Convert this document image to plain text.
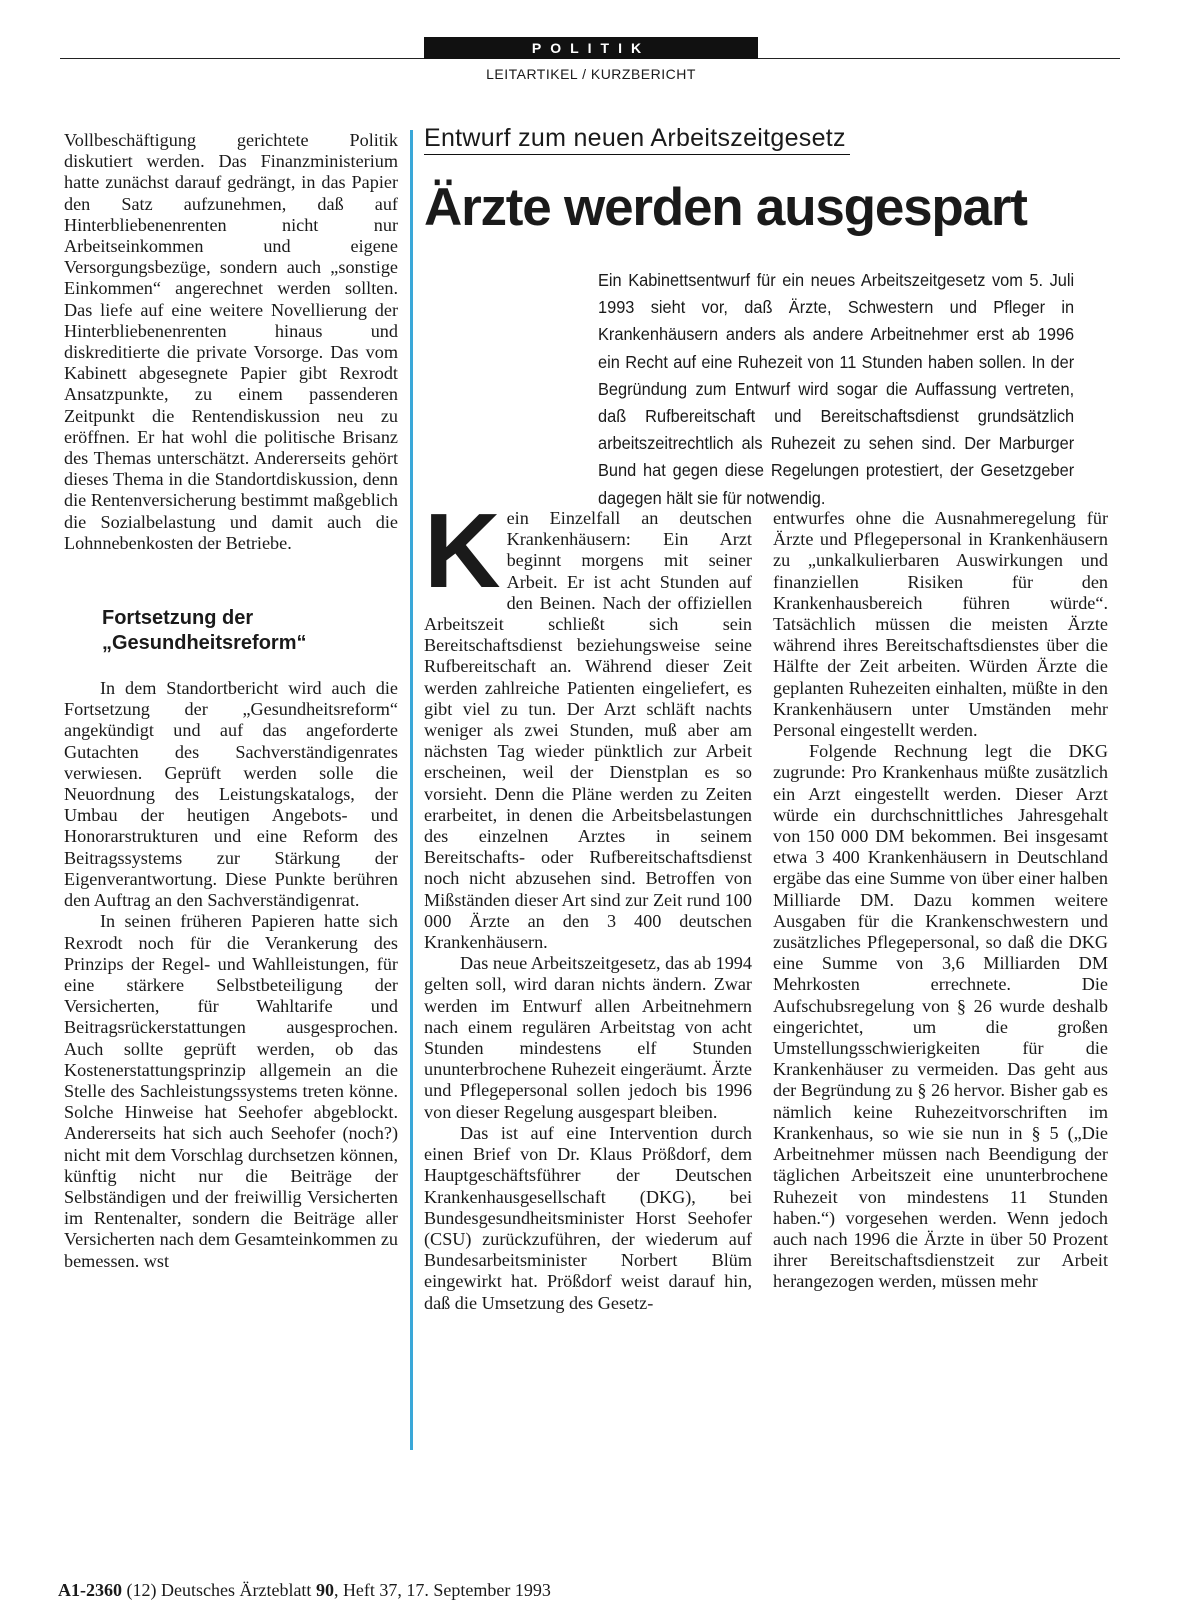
POLITIK
LEITARTIKEL / KURZBERICHT

Vollbeschäftigung gerichtete Politik diskutiert werden. Das Finanzministerium hatte zunächst darauf gedrängt, in das Papier den Satz aufzunehmen, daß auf Hinterbliebenenrenten nicht nur Arbeitseinkommen und eigene Versorgungsbezüge, sondern auch „sonstige Einkommen“ angerechnet werden sollten. Das liefe auf eine weitere Novellierung der Hinterbliebenenrenten hinaus und diskreditierte die private Vorsorge. Das vom Kabinett abgesegnete Papier gibt Rexrodt Ansatzpunkte, zu einem passenderen Zeitpunkt die Rentendiskussion neu zu eröffnen. Er hat wohl die politische Brisanz des Themas unterschätzt. Andererseits gehört dieses Thema in die Standortdiskussion, denn die Rentenversicherung bestimmt maßgeblich die Sozialbelastung und damit auch die Lohnnebenkosten der Betriebe.

Fortsetzung der
„Gesundheitsreform“

In dem Standortbericht wird auch die Fortsetzung der „Gesundheitsreform“ angekündigt und auf das angeforderte Gutachten des Sachverständigenrates verwiesen. Geprüft werden solle die Neuordnung des Leistungskatalogs, der Umbau der heutigen Angebots- und Honorarstrukturen und eine Reform des Beitragssystems zur Stärkung der Eigenverantwortung. Diese Punkte berühren den Auftrag an den Sachverständigenrat.

In seinen früheren Papieren hatte sich Rexrodt noch für die Verankerung des Prinzips der Regel- und Wahlleistungen, für eine stärkere Selbstbeteiligung der Versicherten, für Wahltarife und Beitragsrückerstattungen ausgesprochen. Auch sollte geprüft werden, ob das Kostenerstattungsprinzip allgemein an die Stelle des Sachleistungssystems treten könne. Solche Hinweise hat Seehofer abgeblockt. Andererseits hat sich auch Seehofer (noch?) nicht mit dem Vorschlag durchsetzen können, künftig nicht nur die Beiträge der Selbständigen und der freiwillig Versicherten im Rentenalter, sondern die Beiträge aller Versicherten nach dem Gesamteinkommen zu bemessen. wst

Entwurf zum neuen Arbeitszeitgesetz
Ärzte werden ausgespart

Ein Kabinettsentwurf für ein neues Arbeitszeitgesetz vom 5. Juli 1993 sieht vor, daß Ärzte, Schwestern und Pfleger in Krankenhäusern anders als andere Arbeitnehmer erst ab 1996 ein Recht auf eine Ruhezeit von 11 Stunden haben sollen. In der Begründung zum Entwurf wird sogar die Auffassung vertreten, daß Rufbereitschaft und Bereitschaftsdienst grundsätzlich arbeitszeitrechtlich als Ruhezeit zu sehen sind. Der Marburger Bund hat gegen diese Regelungen protestiert, der Gesetzgeber dagegen hält sie für notwendig.

Kein Einzelfall an deutschen Krankenhäusern: Ein Arzt beginnt morgens mit seiner Arbeit. Er ist acht Stunden auf den Beinen. Nach der offiziellen Arbeitszeit schließt sich sein Bereitschaftsdienst beziehungsweise seine Rufbereitschaft an. Während dieser Zeit werden zahlreiche Patienten eingeliefert, es gibt viel zu tun. Der Arzt schläft nachts weniger als zwei Stunden, muß aber am nächsten Tag wieder pünktlich zur Arbeit erscheinen, weil der Dienstplan es so vorsieht. Denn die Pläne werden zu Zeiten erarbeitet, in denen die Arbeitsbelastungen des einzelnen Arztes in seinem Bereitschafts- oder Rufbereitschaftsdienst noch nicht abzusehen sind. Betroffen von Mißständen dieser Art sind zur Zeit rund 100 000 Ärzte an den 3 400 deutschen Krankenhäusern.

Das neue Arbeitszeitgesetz, das ab 1994 gelten soll, wird daran nichts ändern. Zwar werden im Entwurf allen Arbeitnehmern nach einem regulären Arbeitstag von acht Stunden mindestens elf Stunden ununterbrochene Ruhezeit eingeräumt. Ärzte und Pflegepersonal sollen jedoch bis 1996 von dieser Regelung ausgespart bleiben.

Das ist auf eine Intervention durch einen Brief von Dr. Klaus Prößdorf, dem Hauptgeschäftsführer der Deutschen Krankenhausgesellschaft (DKG), bei Bundesgesundheitsminister Horst Seehofer (CSU) zurückzuführen, der wiederum auf Bundesarbeitsminister Norbert Blüm eingewirkt hat. Prößdorf weist darauf hin, daß die Umsetzung des Gesetz-

entwurfes ohne die Ausnahmeregelung für Ärzte und Pflegepersonal in Krankenhäusern zu „unkalkulierbaren Auswirkungen und finanziellen Risiken für den Krankenhausbereich führen würde“. Tatsächlich müssen die meisten Ärzte während ihres Bereitschaftsdienstes über die Hälfte der Zeit arbeiten. Würden Ärzte die geplanten Ruhezeiten einhalten, müßte in den Krankenhäusern unter Umständen mehr Personal eingestellt werden.

Folgende Rechnung legt die DKG zugrunde: Pro Krankenhaus müßte zusätzlich ein Arzt eingestellt werden. Dieser Arzt würde ein durchschnittliches Jahresgehalt von 150 000 DM bekommen. Bei insgesamt etwa 3 400 Krankenhäusern in Deutschland ergäbe das eine Summe von über einer halben Milliarde DM. Dazu kommen weitere Ausgaben für die Krankenschwestern und zusätzliches Pflegepersonal, so daß die DKG eine Summe von 3,6 Milliarden DM Mehrkosten errechnete. Die Aufschubsregelung von § 26 wurde deshalb eingerichtet, um die großen Umstellungsschwierigkeiten für die Krankenhäuser zu vermeiden. Das geht aus der Begründung zu § 26 hervor. Bisher gab es nämlich keine Ruhezeitvorschriften im Krankenhaus, so wie sie nun in § 5 („Die Arbeitnehmer müssen nach Beendigung der täglichen Arbeitszeit eine ununterbrochene Ruhezeit von mindestens 11 Stunden haben.“) vorgesehen werden. Wenn jedoch auch nach 1996 die Ärzte in über 50 Prozent ihrer Bereitschaftsdienstzeit zur Arbeit herangezogen werden, müssen mehr

A1-2360 (12) Deutsches Ärzteblatt 90, Heft 37, 17. September 1993
